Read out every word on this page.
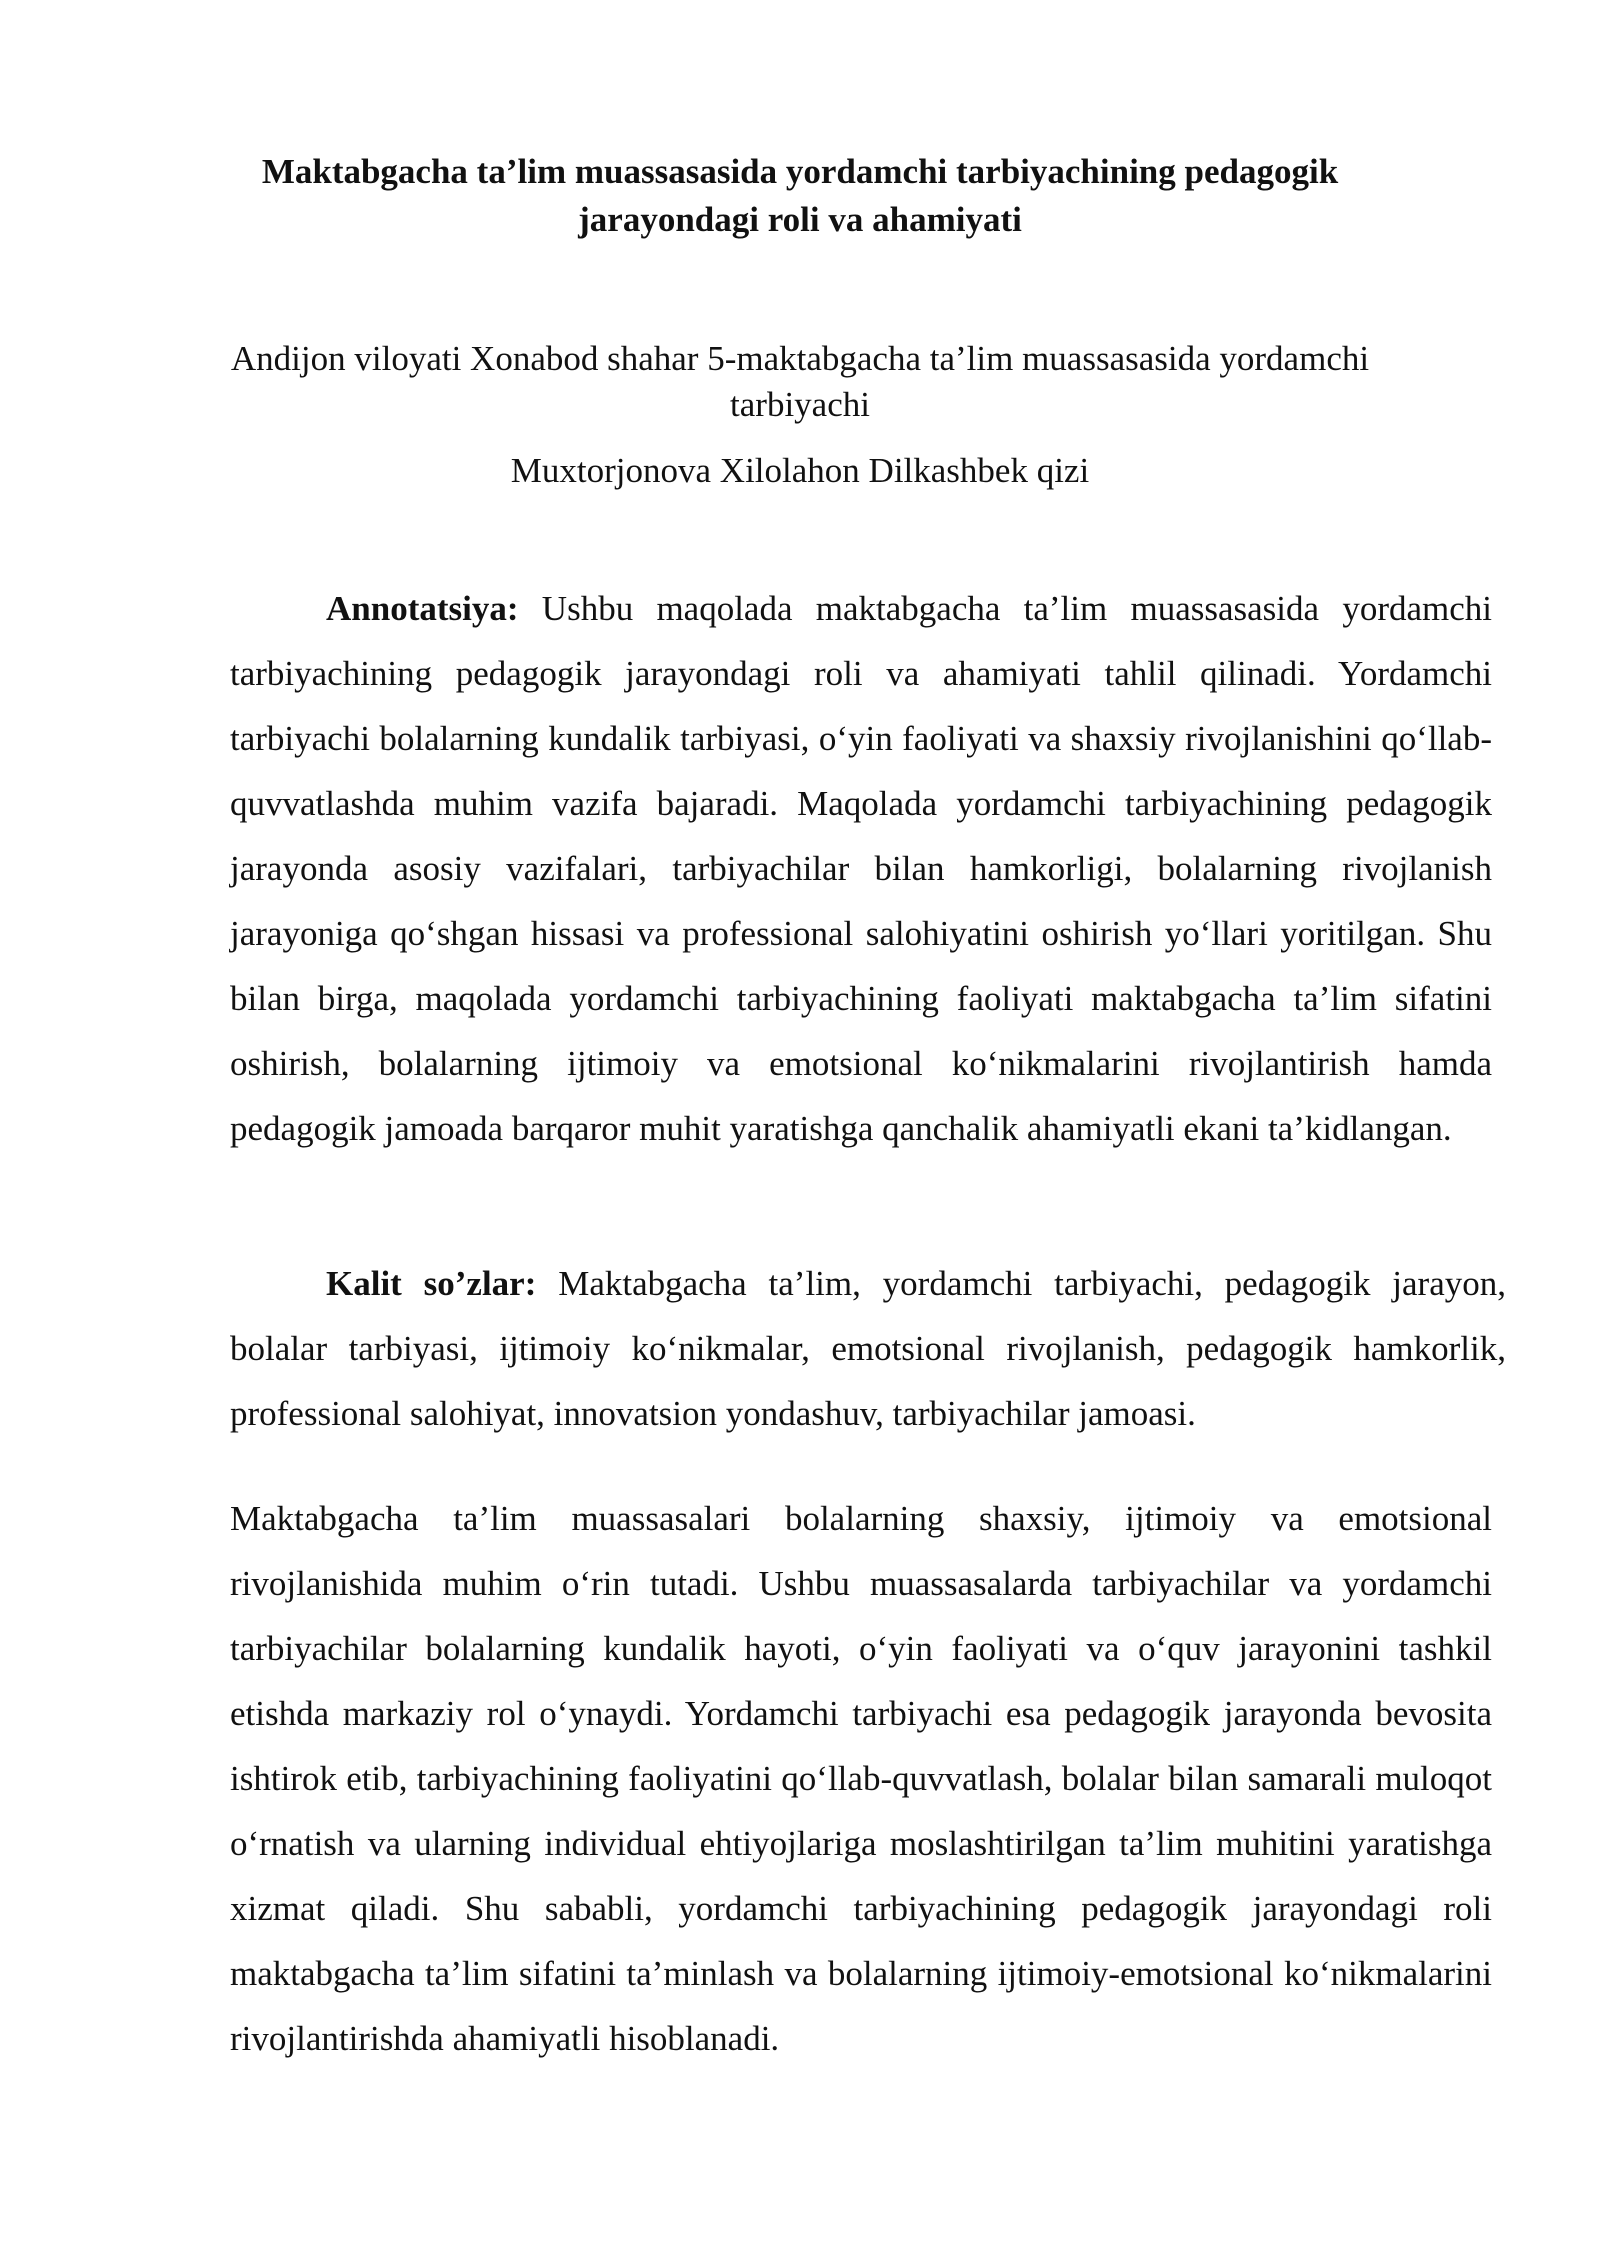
Maktabgacha ta’lim muassasasida yordamchi tarbiyachining pedagogik jarayondagi roli va ahamiyati
Andijon viloyati Xonabod shahar 5-maktabgacha ta’lim muassasasida yordamchi tarbiyachi
Muxtorjonova Xilolahon Dilkashbek qizi

Annotatsiya: Ushbu maqolada maktabgacha ta’lim muassasasida yordamchi tarbiyachining pedagogik jarayondagi roli va ahamiyati tahlil qilinadi. Yordamchi tarbiyachi bolalarning kundalik tarbiyasi, o‘yin faoliyati va shaxsiy rivojlanishini qo‘llab-quvvatlashda muhim vazifa bajaradi. Maqolada yordamchi tarbiyachining pedagogik jarayonda asosiy vazifalari, tarbiyachilar bilan hamkorligi, bolalarning rivojlanish jarayoniga qo‘shgan hissasi va professional salohiyatini oshirish yo‘llari yoritilgan. Shu bilan birga, maqolada yordamchi tarbiyachining faoliyati maktabgacha ta’lim sifatini oshirish, bolalarning ijtimoiy va emotsional ko‘nikmalarini rivojlantirish hamda pedagogik jamoada barqaror muhit yaratishga qanchalik ahamiyatli ekani ta’kidlangan.

Kalit so’zlar: Maktabgacha ta’lim, yordamchi tarbiyachi, pedagogik jarayon, bolalar tarbiyasi, ijtimoiy ko‘nikmalar, emotsional rivojlanish, pedagogik hamkorlik, professional salohiyat, innovatsion yondashuv, tarbiyachilar jamoasi.

Maktabgacha ta’lim muassasalari bolalarning shaxsiy, ijtimoiy va emotsional rivojlanishida muhim o‘rin tutadi. Ushbu muassasalarda tarbiyachilar va yordamchi tarbiyachilar bolalarning kundalik hayoti, o‘yin faoliyati va o‘quv jarayonini tashkil etishda markaziy rol o‘ynaydi. Yordamchi tarbiyachi esa pedagogik jarayonda bevosita ishtirok etib, tarbiyachining faoliyatini qo‘llab-quvvatlash, bolalar bilan samarali muloqot o‘rnatish va ularning individual ehtiyojlariga moslashtirilgan ta’lim muhitini yaratishga xizmat qiladi. Shu sababli, yordamchi tarbiyachining pedagogik jarayondagi roli maktabgacha ta’lim sifatini ta’minlash va bolalarning ijtimoiy-emotsional ko‘nikmalarini rivojlantirishda ahamiyatli hisoblanadi.
